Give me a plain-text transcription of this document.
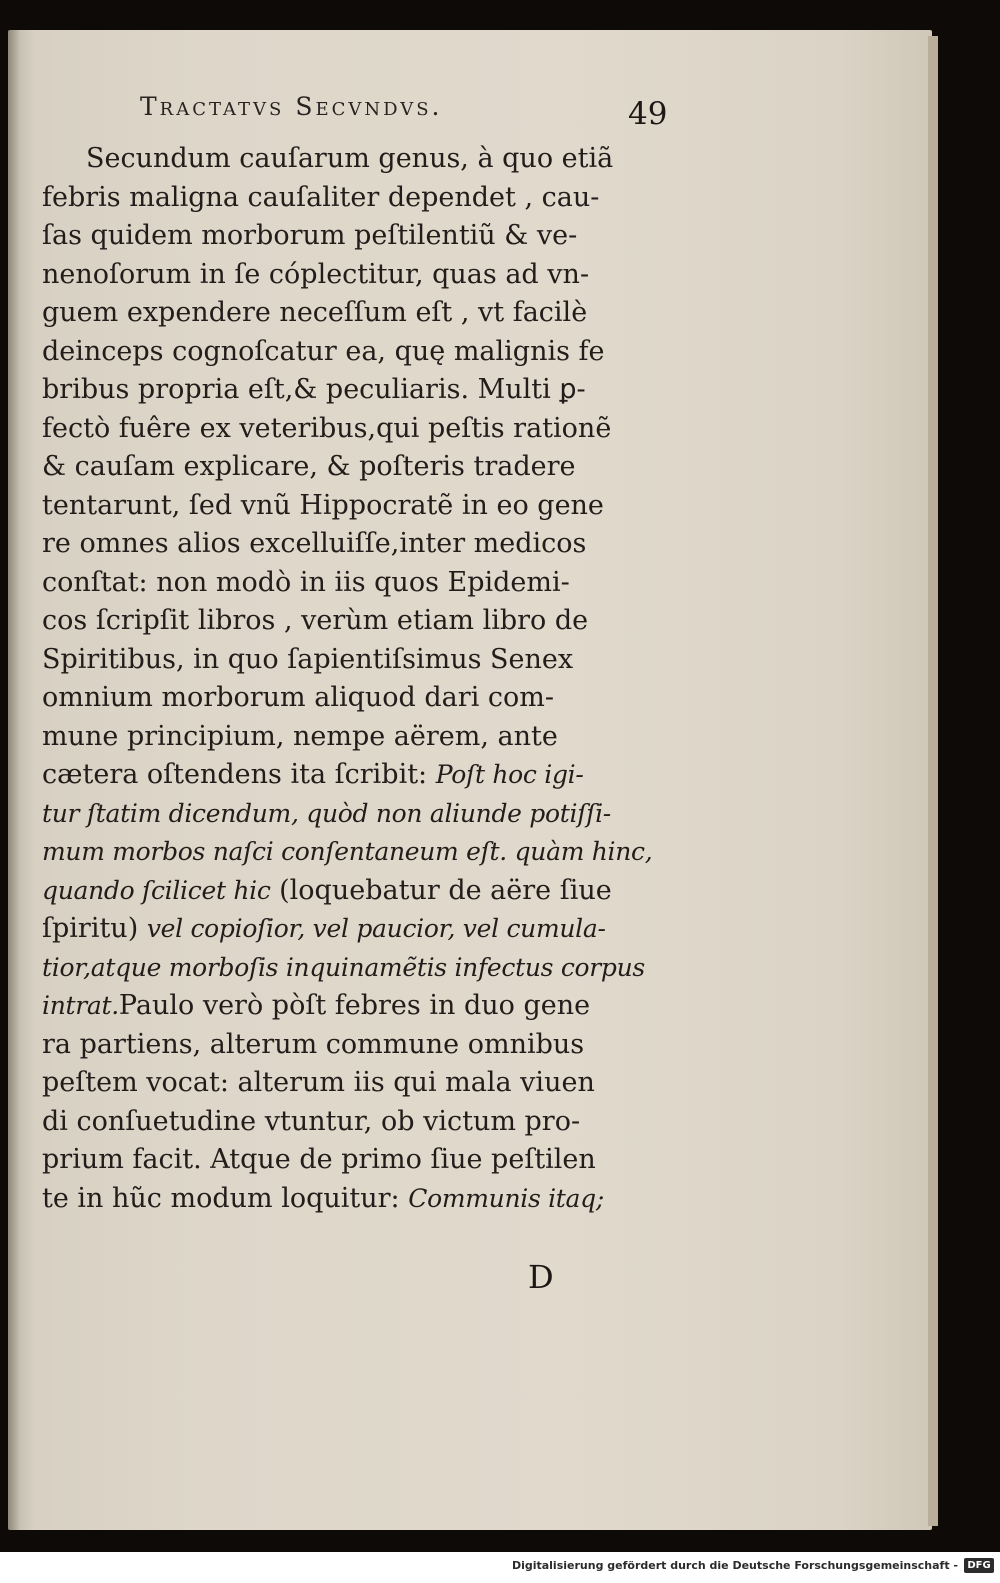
Tractatvs Secvndvs.	49
Secundum cauſarum genus, à quo etiã
febris maligna cauſaliter dependet , cau-
ſas quidem morborum peſtilentiũ & ve-
nenoſorum in ſe cóplectitur, quas ad vn-
guem expendere neceſſum eſt , vt facilè
deinceps cognoſcatur ea, quę malignis fe
bribus propria eſt,& peculiaris. Multi ꝑ-
fectò fuêre ex veteribus,qui peſtis rationẽ
& cauſam explicare, & poſteris tradere
tentarunt, ſed vnũ Hippocratẽ in eo gene
re omnes alios excelluiſſe,inter medicos
conſtat: non modò in iis quos Epidemi-
cos ſcripſit libros , verùm etiam libro de
Spiritibus, in quo ſapientiſsimus Senex
omnium morborum aliquod dari com-
mune principium, nempe aërem, ante
cætera oſtendens ita ſcribit: Poſt hoc igi-
tur ſtatim dicendum, quòd non aliunde potiſſi-
mum morbos naſci conſentaneum eſt. quàm hinc,
quando ſcilicet hic (loquebatur de aëre ſiue
ſpiritu) vel copioſior, vel paucior, vel cumula-
tior,atque morboſis inquinamẽtis infectus corpus
intrat.Paulo verò pòſt febres in duo gene
ra partiens, alterum commune omnibus
peſtem vocat: alterum iis qui mala viuen
di conſuetudine vtuntur, ob victum pro-
prium facit. Atque de primo ſiue peſtilen
te in hũc modum loquitur: Communis itaq;
D
Digitalisierung gefördert durch die Deutsche Forschungsgemeinschaft - DFG
